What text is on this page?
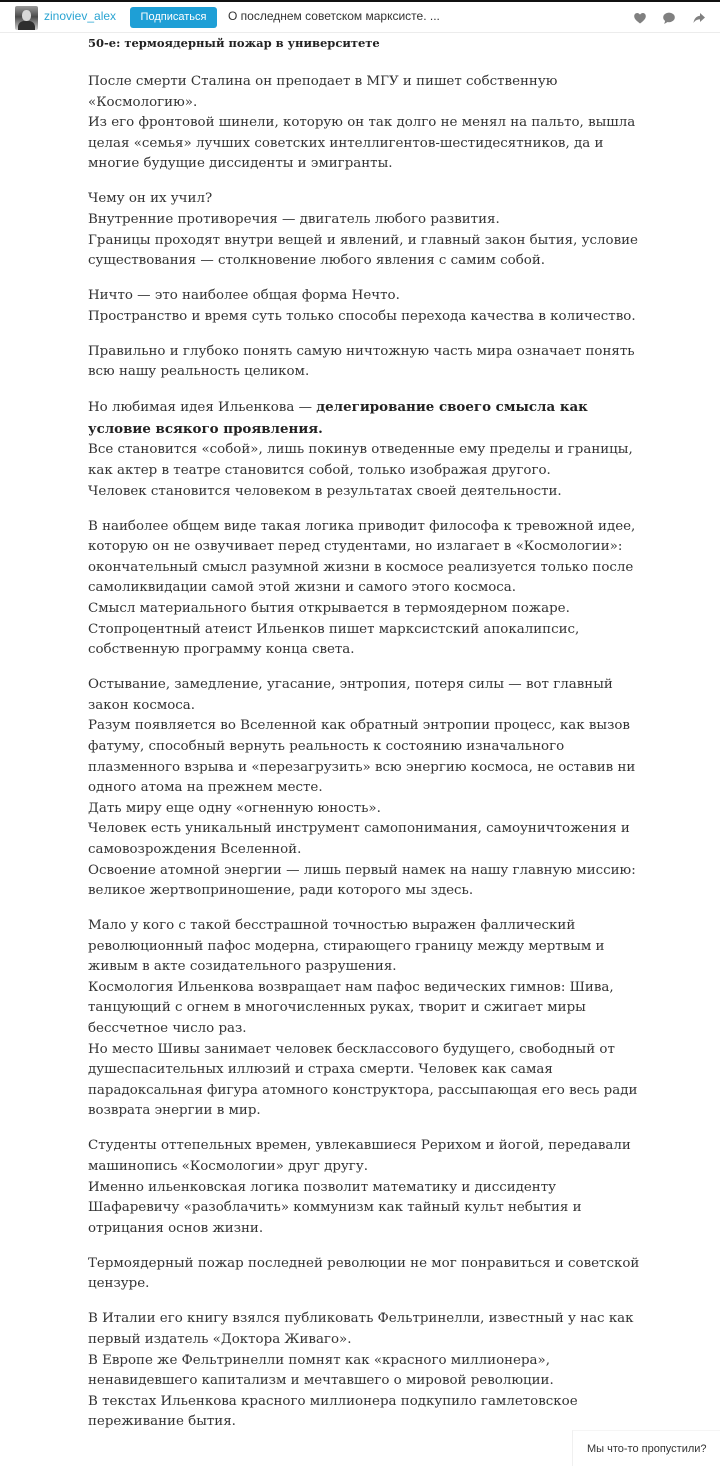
zinoviev_alex	Подписаться	О последнем советском марксисте. ...
50-е: термоядерный пожар в университете
После смерти Сталина он преподает в МГУ и пишет собственную «Космологию».
Из его фронтовой шинели, которую он так долго не менял на пальто, вышла целая «семья» лучших советских интеллигентов-шестидесятников, да и многие будущие диссиденты и эмигранты.
Чему он их учил?
Внутренние противоречия — двигатель любого развития.
Границы проходят внутри вещей и явлений, и главный закон бытия, условие существования — столкновение любого явления с самим собой.
Ничто — это наиболее общая форма Нечто.
Пространство и время суть только способы перехода качества в количество.
Правильно и глубоко понять самую ничтожную часть мира означает понять всю нашу реальность целиком.
Но любимая идея Ильенкова — делегирование своего смысла как условие всякого проявления.
Все становится «собой», лишь покинув отведенные ему пределы и границы, как актер в театре становится собой, только изображая другого.
Человек становится человеком в результатах своей деятельности.
В наиболее общем виде такая логика приводит философа к тревожной идее, которую он не озвучивает перед студентами, но излагает в «Космологии»: окончательный смысл разумной жизни в космосе реализуется только после самоликвидации самой этой жизни и самого этого космоса.
Смысл материального бытия открывается в термоядерном пожаре.
Стопроцентный атеист Ильенков пишет марксистский апокалипсис, собственную программу конца света.
Остывание, замедление, угасание, энтропия, потеря силы — вот главный закон космоса.
Разум появляется во Вселенной как обратный энтропии процесс, как вызов фатуму, способный вернуть реальность к состоянию изначального плазменного взрыва и «перезагрузить» всю энергию космоса, не оставив ни одного атома на прежнем месте.
Дать миру еще одну «огненную юность».
Человек есть уникальный инструмент самопонимания, самоуничтожения и самовозрождения Вселенной.
Освоение атомной энергии — лишь первый намек на нашу главную миссию: великое жертвоприношение, ради которого мы здесь.
Мало у кого с такой бесстрашной точностью выражен фаллический революционный пафос модерна, стирающего границу между мертвым и живым в акте созидательного разрушения.
Космология Ильенкова возвращает нам пафос ведических гимнов: Шива, танцующий с огнем в многочисленных руках, творит и сжигает миры бессчетное число раз.
Но место Шивы занимает человек бесклассового будущего, свободный от душеспасительных иллюзий и страха смерти. Человек как самая парадоксальная фигура атомного конструктора, рассыпающая его весь ради возврата энергии в мир.
Студенты оттепельных времен, увлекавшиеся Рерихом и йогой, передавали машинопись «Космологии» друг другу.
Именно ильенковская логика позволит математику и диссиденту Шафаревичу «разоблачить» коммунизм как тайный культ небытия и отрицания основ жизни.
Термоядерный пожар последней революции не мог понравиться и советской цензуре.
В Италии его книгу взялся публиковать Фельтринелли, известный у нас как первый издатель «Доктора Живаго».
В Европе же Фельтринелли помнят как «красного миллионера», ненавидевшего капитализм и мечтавшего о мировой революции.
В текстах Ильенкова красного миллионера подкупило гамлетовское переживание бытия.
Мы что-то пропустили?
